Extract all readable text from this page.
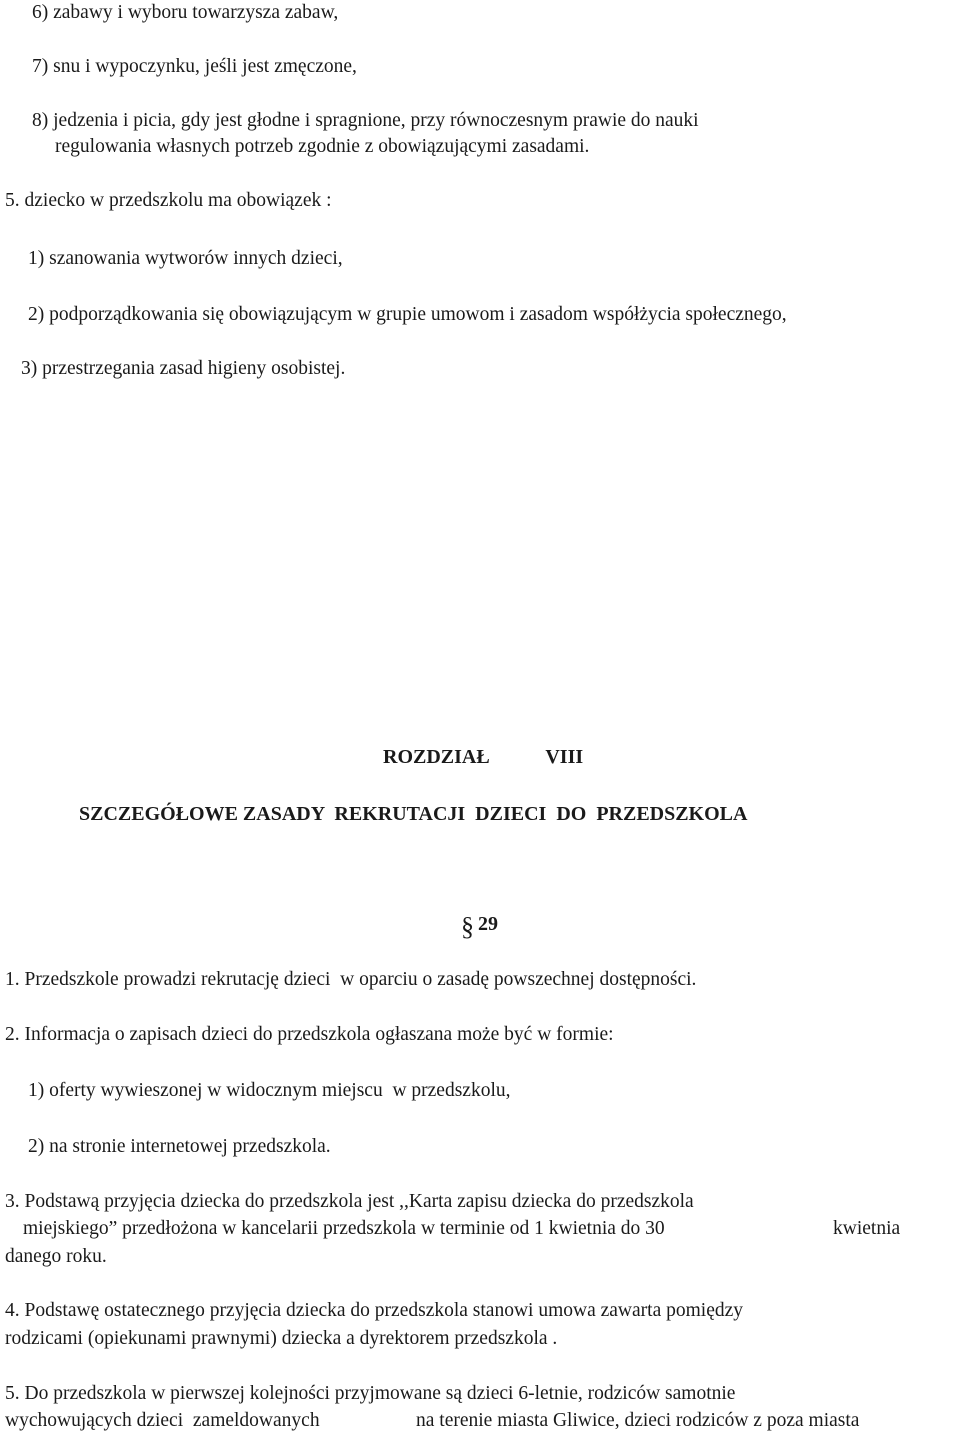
6) zabawy i wyboru towarzysza zabaw,
7) snu i wypoczynku, jeśli jest zmęczone,
8) jedzenia i picia, gdy jest głodne i spragnione, przy równoczesnym prawie do nauki
regulowania własnych potrzeb zgodnie z obowiązującymi zasadami.
5. dziecko w przedszkolu ma obowiązek :
1) szanowania wytworów innych dzieci,
2) podporządkowania się obowiązującym w grupie umowom i zasadom współżycia społecznego,
3) przestrzegania zasad higieny osobistej.
ROZDZIAŁ	VIII
SZCZEGÓŁOWE ZASADY  REKRUTACJI  DZIECI  DO  PRZEDSZKOLA
§ 29
1. Przedszkole prowadzi rekrutację dzieci  w oparciu o zasadę powszechnej dostępności.
2. Informacja o zapisach dzieci do przedszkola ogłaszana może być w formie:
1) oferty wywieszonej w widocznym miejscu  w przedszkolu,
2) na stronie internetowej przedszkola.
3. Podstawą przyjęcia dziecka do przedszkola jest ,,Karta zapisu dziecka do przedszkola
miejskiego” przedłożona w kancelarii przedszkola w terminie od 1 kwietnia do 30	kwietnia
danego roku.
4. Podstawę ostatecznego przyjęcia dziecka do przedszkola stanowi umowa zawarta pomiędzy
rodzicami (opiekunami prawnymi) dziecka a dyrektorem przedszkola .
5. Do przedszkola w pierwszej kolejności przyjmowane są dzieci 6-letnie, rodziców samotnie
wychowujących dzieci  zameldowanych	na terenie miasta Gliwice, dzieci rodziców z poza miasta
